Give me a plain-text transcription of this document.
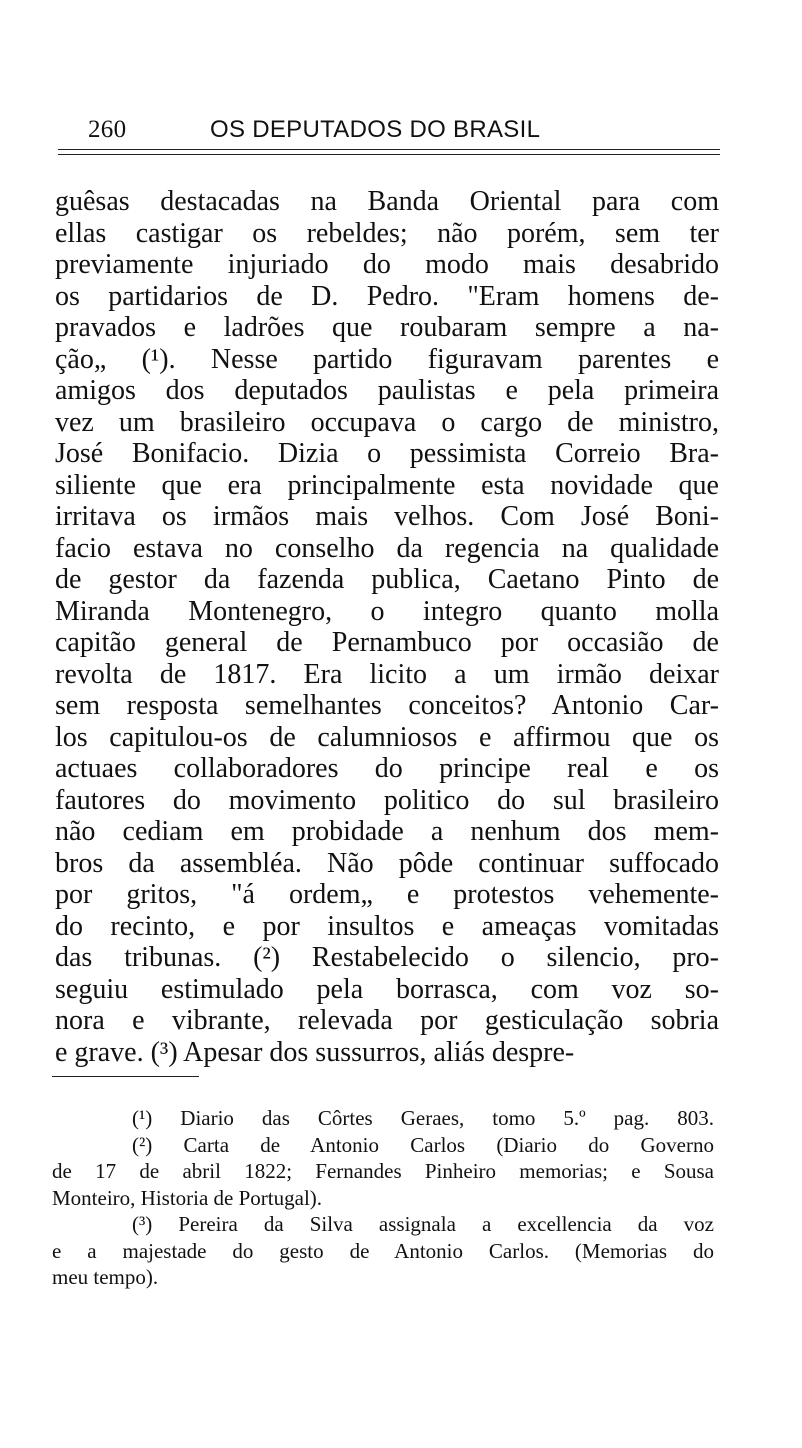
260	OS DEPUTADOS DO BRASIL
guêsas destacadas na Banda Oriental para com
ellas castigar os rebeldes; não porém, sem ter
previamente injuriado do modo mais desabrido
os partidarios de D. Pedro. "Eram homens de-
pravados e ladrões que roubaram sempre a na-
ção„ (¹). Nesse partido figuravam parentes e
amigos dos deputados paulistas e pela primeira
vez um brasileiro occupava o cargo de ministro,
José Bonifacio. Dizia o pessimista Correio Bra-
siliente que era principalmente esta novidade que
irritava os irmãos mais velhos. Com José Boni-
facio estava no conselho da regencia na qualidade
de gestor da fazenda publica, Caetano Pinto de
Miranda Montenegro, o integro quanto molla
capitão general de Pernambuco por occasião de
revolta de 1817. Era licito a um irmão deixar
sem resposta semelhantes conceitos? Antonio Car-
los capitulou-os de calumniosos e affirmou que os
actuaes collaboradores do principe real e os
fautores do movimento politico do sul brasileiro
não cediam em probidade a nenhum dos mem-
bros da assembléa. Não pôde continuar suffocado
por gritos, "á ordem„ e protestos vehemente-
do recinto, e por insultos e ameaças vomitadas
das tribunas. (²) Restabelecido o silencio, pro-
seguiu estimulado pela borrasca, com voz so-
nora e vibrante, relevada por gesticulação sobria
e grave. (³) Apesar dos sussurros, aliás despre-
(¹) Diario das Côrtes Geraes, tomo 5.º pag. 803.
(²) Carta de Antonio Carlos (Diario do Governo
de 17 de abril 1822; Fernandes Pinheiro memorias; e Sousa
Monteiro, Historia de Portugal).
(³) Pereira da Silva assignala a excellencia da voz
e a majestade do gesto de Antonio Carlos. (Memorias do
meu tempo).
